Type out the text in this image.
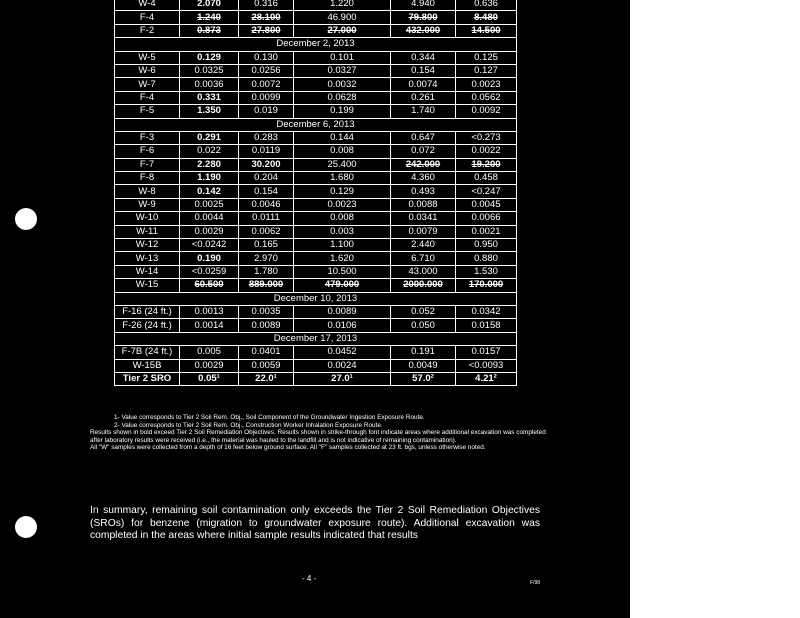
W-4	2.070	0.316	1.220	4.940	0.636
F-4	1.240	28.100	46.900	79.800	8.480
F-2	0.873	27.800	27.000	432.000	14.500
December 2, 2013					
W-5	0.129	0.130	0.101	0.344	0.125
W-6	0.0325	0.0256	0.0327	0.154	0.127
W-7	0.0036	0.0072	0.0032	0.0074	0.0023
F-4	0.331	0.0099	0.0628	0.261	0.0562
F-5	1.350	0.019	0.199	1.740	0.0092
December 6, 2013					
F-3	0.291	0.283	0.144	0.647	<0.273
F-6	0.022	0.0119	0.008	0.072	0.0022
F-7	2.280	30.200	25.400	242.000	19.200
F-8	1.190	0.204	1.680	4.360	0.458
W-8	0.142	0.154	0.129	0.493	<0.247
W-9	0.0025	0.0046	0.0023	0.0088	0.0045
W-10	0.0044	0.0111	0.008	0.0341	0.0066
W-11	0.0029	0.0062	0.003	0.0079	0.0021
W-12	<0.0242	0.165	1.100	2.440	0.950
W-13	0.190	2.970	1.620	6.710	0.880
W-14	<0.0259	1.780	10.500	43.000	1.530
W-15	60.500	889.000	479.000	2000.000	170.000
December 10, 2013					
F-16 (24 ft.)	0.0013	0.0035	0.0089	0.052	0.0342
F-26 (24 ft.)	0.0014	0.0089	0.0106	0.050	0.0158
December 17, 2013					
F-7B (24 ft.)	0.005	0.0401	0.0452	0.191	0.0157
W-15B	0.0029	0.0059	0.0024	0.0049	<0.0093
Tier 2 SRO	0.05¹	22.0¹	27.0¹	57.0²	4.21²

1- Value corresponds to Tier 2 Soil Rem. Obj., Soil Component of the Groundwater Ingestion Exposure Route.

2- Value corresponds to Tier 2 Soil Rem. Obj., Construction Worker Inhalation Exposure Route.

Results shown in bold exceed Tier 2 Soil Remediation Objectives. Results shown in strike-through font indicate areas where additional excavation was completed after laboratory results were received (i.e., the material was hauled to the landfill and is not indicative of remaining contamination).

All "W" samples were collected from a depth of 16 feet below ground surface. All "F" samples collected at 23 ft. bgs, unless otherwise noted.

In summary, remaining soil contamination only exceeds the Tier 2 Soil Remediation Objectives (SROs) for benzene (migration to groundwater exposure route). Additional excavation was completed in the areas where initial sample results indicated that results
- 4 -	F/98
